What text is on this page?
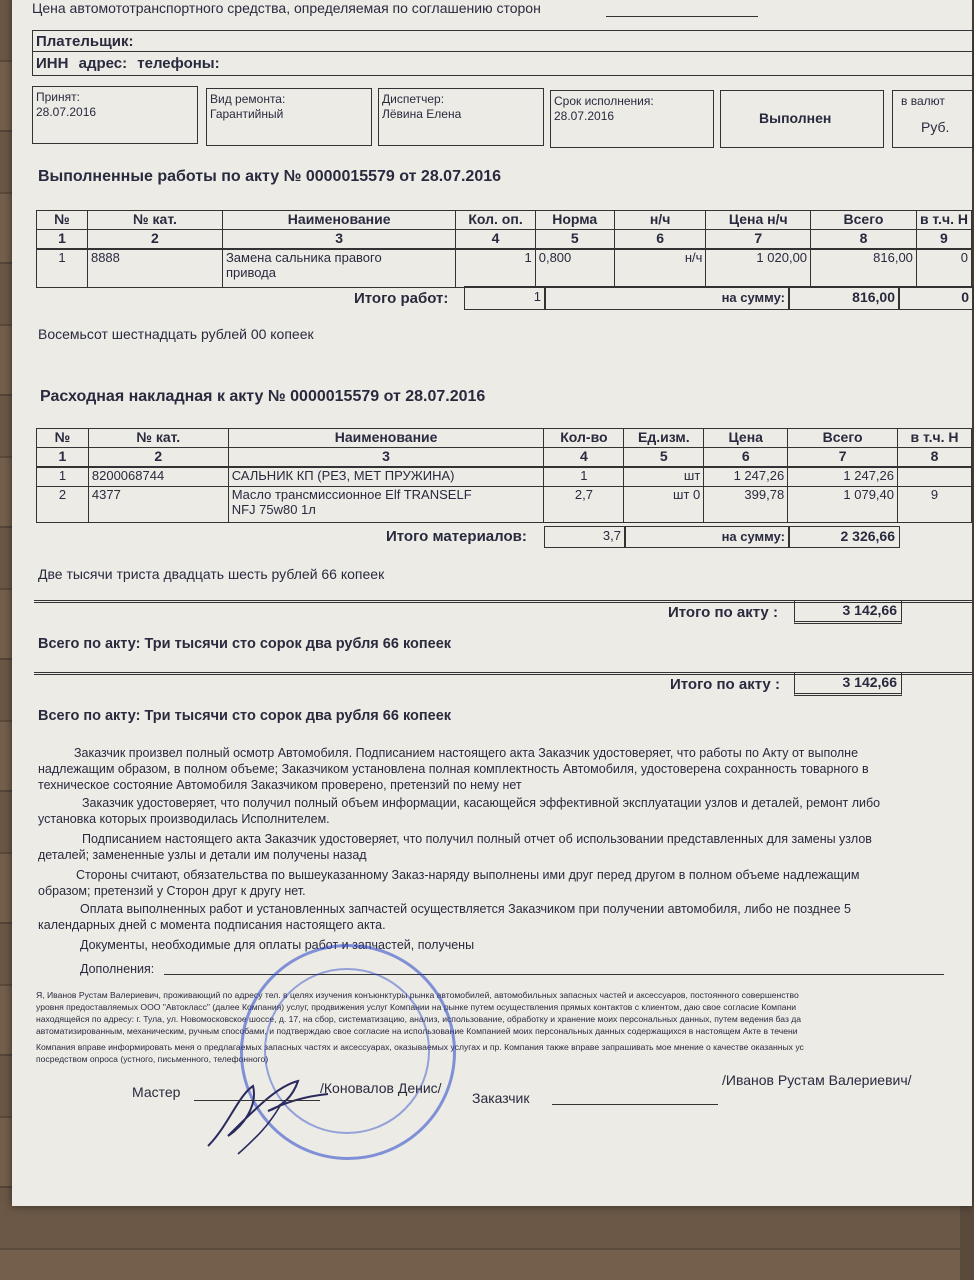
Цена автомототранспортного средства, определяемая по соглашению сторон
Плательщик:
ИНН адрес: телефоны:
Принят:
28.07.2016
Вид ремонта:
Гарантийный
Диспетчер:
Лёвина Елена
Срок исполнения:
28.07.2016	Выполнен
в валют
Руб.
Выполненные работы по акту № 0000015579 от 28.07.2016
№	№ кат.	Наименование	Кол. оп.	Норма	н/ч	Цена н/ч	Всего	в т.ч. Н
1	2	3	4	5	6	7	8	9
1	8888	Замена сальника правого
привода	1	0,800	н/ч	1 020,00	816,00	0
Итого работ:	1	на сумму:	816,00	0
Восемьсот шестнадцать рублей 00 копеек
Расходная накладная к акту № 0000015579 от 28.07.2016
№	№ кат.	Наименование	Кол-во	Ед.изм.	Цена	Всего	в т.ч. Н
1	2	3	4	5	6	7	8
1	8200068744	САЛЬНИК КП (РЕЗ, МЕТ ПРУЖИНА)	1	шт	1 247,26	1 247,26	
2	4377	Масло трансмиссионное Elf TRANSELF
NFJ 75w80 1л	2,7	шт 0	399,78	1 079,40	9
Итого материалов:	3,7	на сумму:	2 326,66
Две тысячи триста двадцать шесть рублей 66 копеек
Итого по акту :	3 142,66
Всего по акту: Три тысячи сто сорок два рубля 66 копеек
Итого по акту :	3 142,66
Всего по акту: Три тысячи сто сорок два рубля 66 копеек
Заказчик произвел полный осмотр Автомобиля. Подписанием настоящего акта Заказчик удостоверяет, что работы по Акту от выполне
надлежащим образом, в полном объеме; Заказчиком установлена полная комплектность Автомобиля, удостоверена сохранность товарного в
техническое состояние Автомобиля Заказчиком проверено, претензий по нему нет
Заказчик удостоверяет, что получил полный объем информации, касающейся эффективной эксплуатации узлов и деталей, ремонт либо
установка которых производилась Исполнителем.
Подписанием настоящего акта Заказчик удостоверяет, что получил полный отчет об использовании представленных для замены узлов
деталей; замененные узлы и детали им получены назад
Стороны считают, обязательства по вышеуказанному Заказ-наряду выполнены ими друг перед другом в полном объеме надлежащим
образом; претензий у Сторон друг к другу нет.
Оплата выполненных работ и установленных запчастей осуществляется Заказчиком при получении автомобиля, либо не позднее 5
календарных дней с момента подписания настоящего акта.
Документы, необходимые для оплаты работ и запчастей, получены
Дополнения:
Я, Иванов Рустам Валериевич, проживающий по адресу тел. в целях изучения конъюнктуры рынка автомобилей, автомобильных запасных частей и аксессуаров, постоянного совершенство
уровня предоставляемых ООО "Автокласс" (далее Компания) услуг, продвижения услуг Компании на рынке путем осуществления прямых контактов с клиентом, даю свое согласие Компани
находящейся по адресу: г. Тула, ул. Новомосковское шоссе, д. 17, на сбор, систематизацию, анализ, использование, обработку и хранение моих персональных данных, путем ведения баз да
автоматизированным, механическим, ручным способами, и подтверждаю свое согласие на использование Компанией моих персональных данных содержащихся в настоящем Акте в течени
Компания вправе информировать меня о предлагаемых запасных частях и аксессуарах, оказываемых услугах и пр. Компания также вправе запрашивать мое мнение о качестве оказанных ус
посредством опроса (устного, письменного, телефонного)
Мастер	/Коновалов Денис/
Заказчик
/Иванов Рустам Валериевич/
